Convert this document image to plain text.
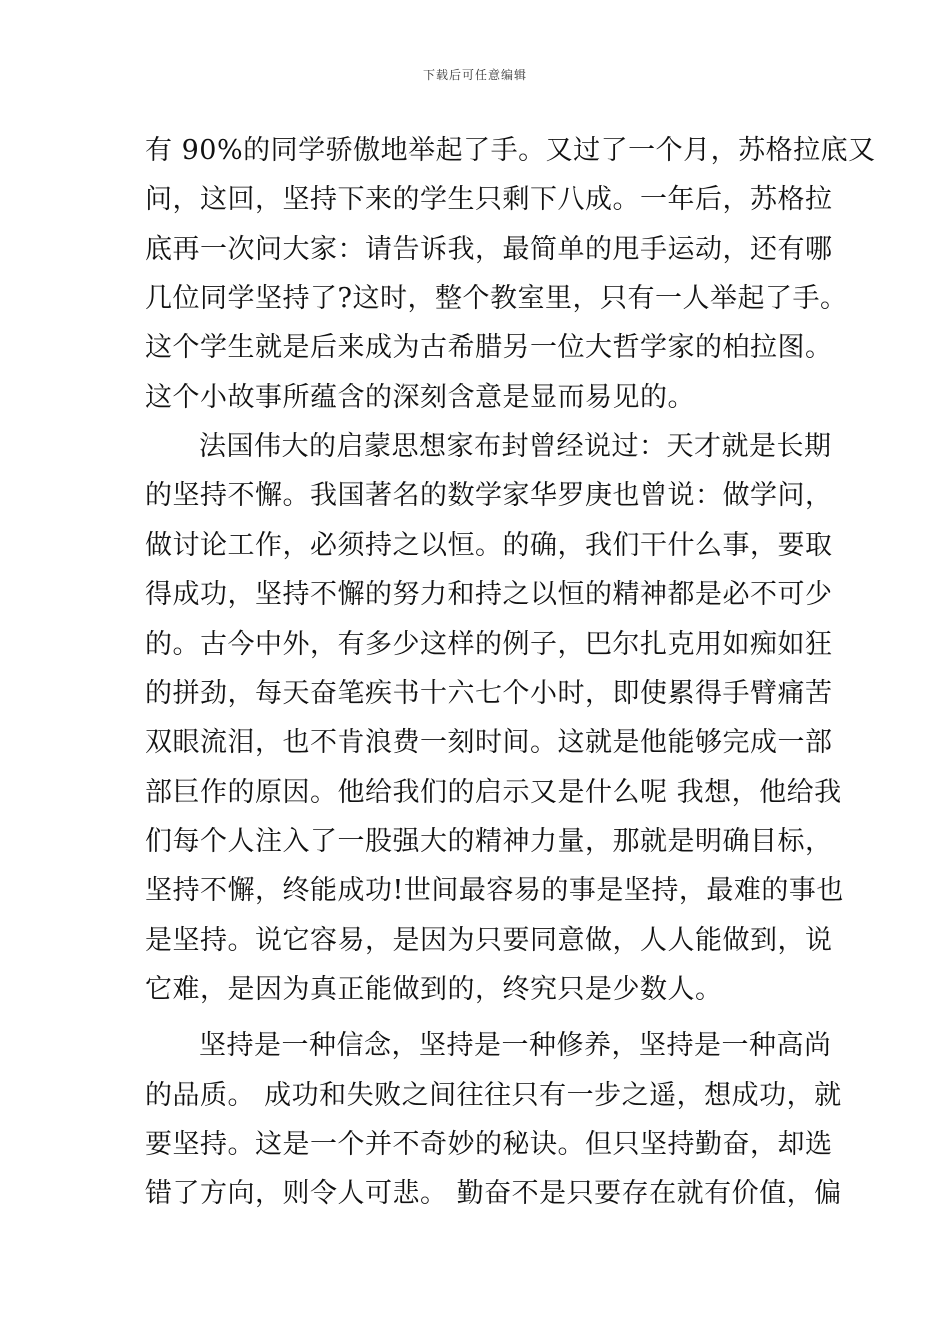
下载后可任意编辑
有 90%的同学骄傲地举起了手。又过了一个月，苏格拉底又
问，这回，坚持下来的学生只剩下八成。一年后，苏格拉
底再一次问大家：请告诉我，最简单的甩手运动，还有哪
几位同学坚持了?这时，整个教室里，只有一人举起了手。
这个学生就是后来成为古希腊另一位大哲学家的柏拉图。
这个小故事所蕴含的深刻含意是显而易见的。
法国伟大的启蒙思想家布封曾经说过：天才就是长期
的坚持不懈。我国著名的数学家华罗庚也曾说：做学问，
做讨论工作，必须持之以恒。的确，我们干什么事，要取
得成功，坚持不懈的努力和持之以恒的精神都是必不可少
的。古今中外，有多少这样的例子，巴尔扎克用如痴如狂
的拼劲，每天奋笔疾书十六七个小时，即使累得手臂痛苦
双眼流泪，也不肯浪费一刻时间。这就是他能够完成一部
部巨作的原因。他给我们的启示又是什么呢 我想，他给我
们每个人注入了一股强大的精神力量，那就是明确目标，
坚持不懈，终能成功!世间最容易的事是坚持，最难的事也
是坚持。说它容易，是因为只要同意做，人人能做到，说
它难，是因为真正能做到的，终究只是少数人。
坚持是一种信念，坚持是一种修养，坚持是一种高尚
的品质。 成功和失败之间往往只有一步之遥，想成功，就
要坚持。这是一个并不奇妙的秘诀。但只坚持勤奋，却选
错了方向，则令人可悲。 勤奋不是只要存在就有价值，偏
